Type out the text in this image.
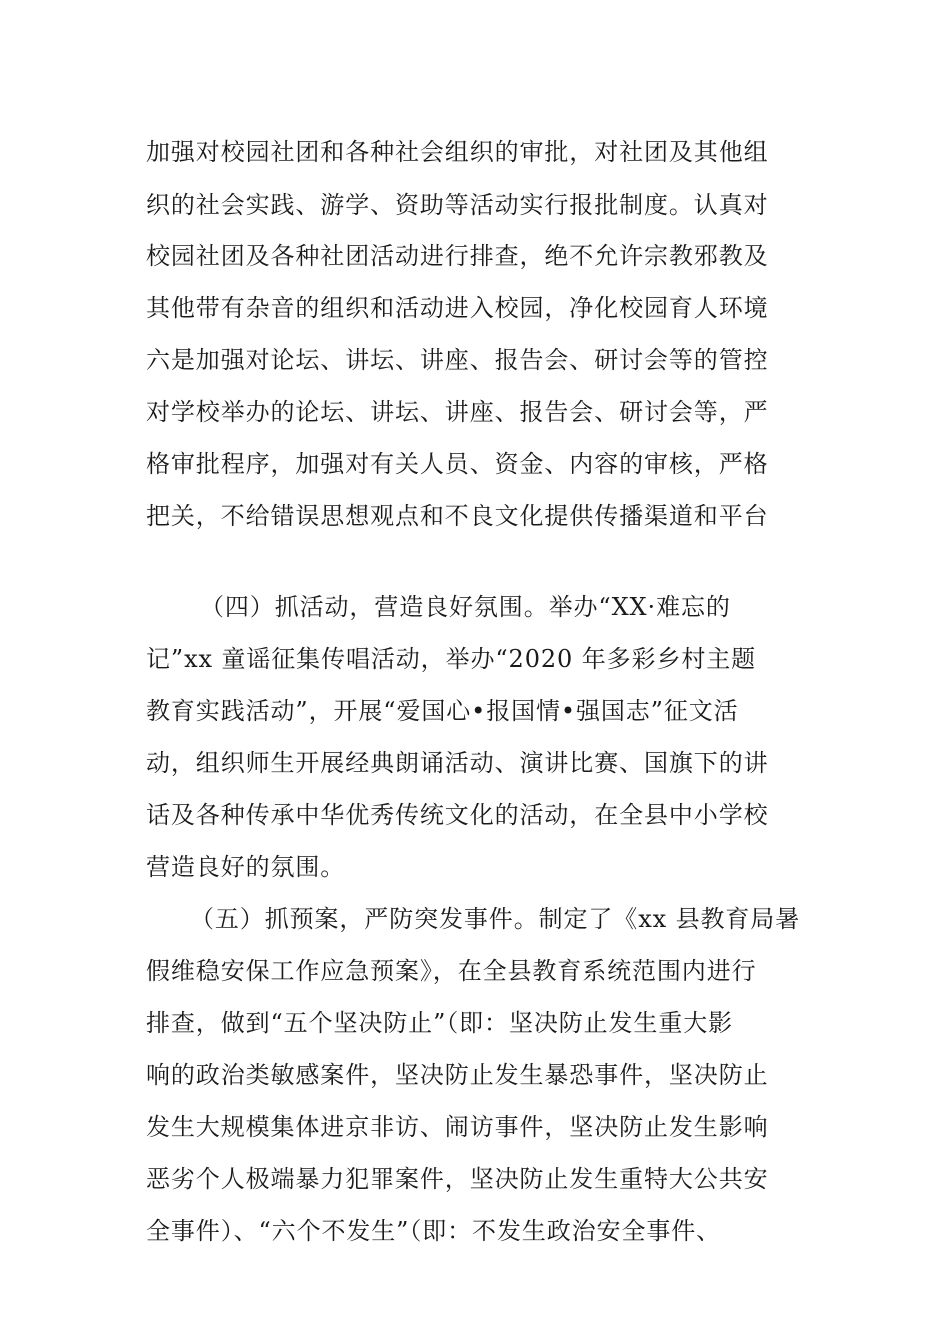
加强对校园社团和各种社会组织的审批，对社团及其他组
织的社会实践、游学、资助等活动实行报批制度。认真对
校园社团及各种社团活动进行排查，绝不允许宗教邪教及
其他带有杂音的组织和活动进入校园，净化校园育人环境
六是加强对论坛、讲坛、讲座、报告会、研讨会等的管控
对学校举办的论坛、讲坛、讲座、报告会、研讨会等，严
格审批程序，加强对有关人员、资金、内容的审核，严格
把关，不给错误思想观点和不良文化提供传播渠道和平台
（四）抓活动，营造良好氛围。举办“XX·难忘的
记”xx 童谣征集传唱活动，举办“2020 年多彩乡村主题
教育实践活动”，开展“爱国心•报国情•强国志”征文活
动，组织师生开展经典朗诵活动、演讲比赛、国旗下的讲
话及各种传承中华优秀传统文化的活动，在全县中小学校
营造良好的氛围。
（五）抓预案，严防突发事件。制定了《xx 县教育局暑
假维稳安保工作应急预案》，在全县教育系统范围内进行
排查，做到“五个坚决防止”（即：坚决防止发生重大影
响的政治类敏感案件，坚决防止发生暴恐事件，坚决防止
发生大规模集体进京非访、闹访事件，坚决防止发生影响
恶劣个人极端暴力犯罪案件，坚决防止发生重特大公共安
全事件）、“六个不发生”（即：不发生政治安全事件、
